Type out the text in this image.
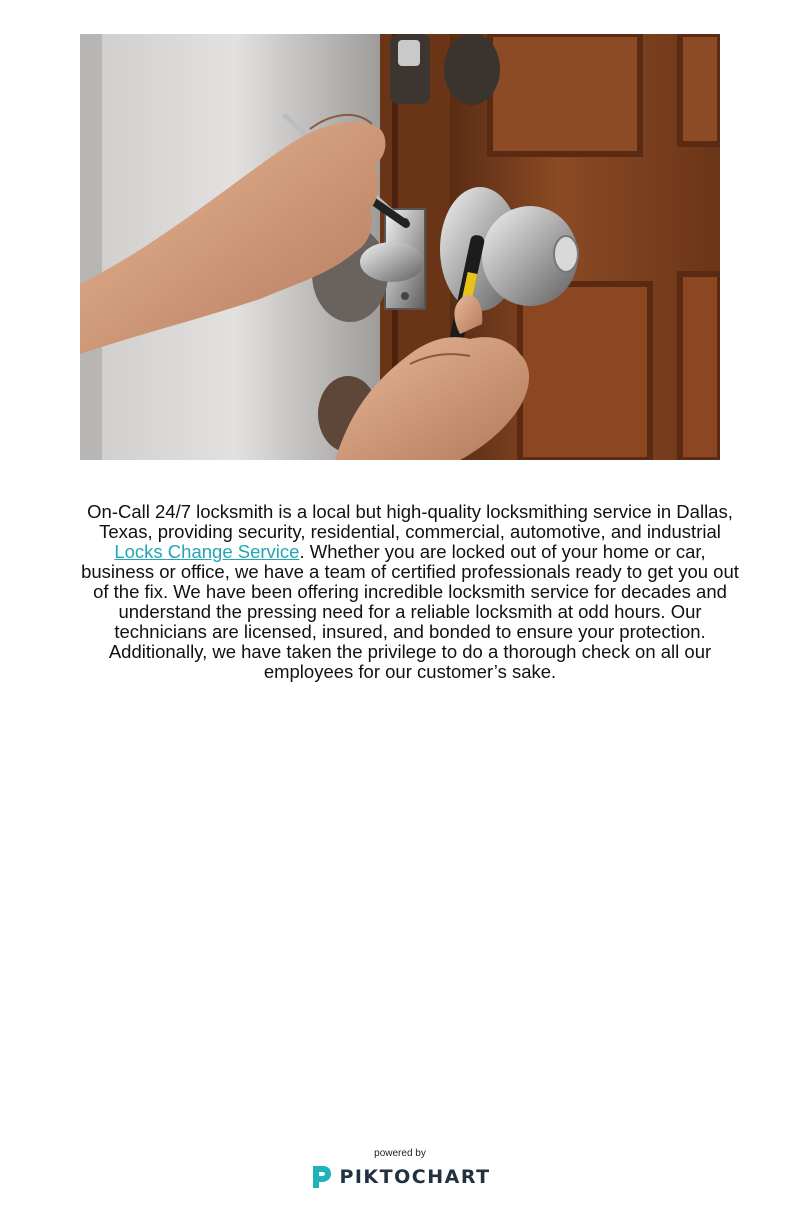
On-Call 24/7 locksmith is a local but high-quality locksmithing service in Dallas, Texas, providing security, residential, commercial, automotive, and industrial Locks Change Service. Whether you are locked out of your home or car, business or office, we have a team of certified professionals ready to get you out of the fix. We have been offering incredible locksmith service for decades and understand the pressing need for a reliable locksmith at odd hours. Our technicians are licensed, insured, and bonded to ensure your protection. Additionally, we have taken the privilege to do a thorough check on all our employees for our customer’s sake.

powered by
PIKTOCHART
